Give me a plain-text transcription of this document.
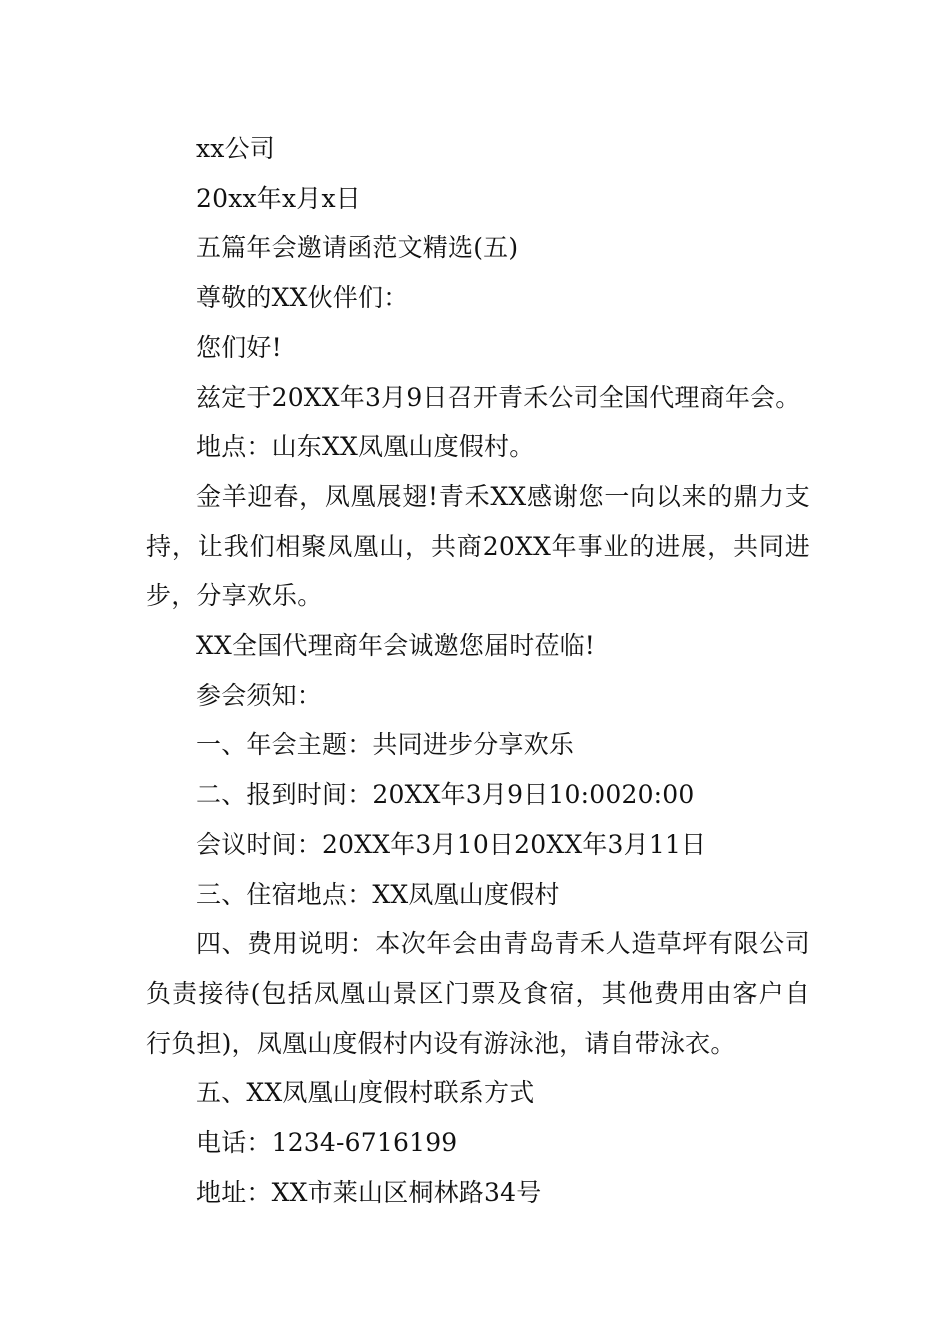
xx公司

20xx年x月x日

五篇年会邀请函范文精选(五)

尊敬的XX伙伴们：

您们好!

兹定于20XX年3月9日召开青禾公司全国代理商年会。

地点：山东XX凤凰山度假村。

金羊迎春，凤凰展翅!青禾XX感谢您一向以来的鼎力支持，让我们相聚凤凰山，共商20XX年事业的进展，共同进步，分享欢乐。

XX全国代理商年会诚邀您届时莅临!

参会须知：

一、年会主题：共同进步分享欢乐

二、报到时间：20XX年3月9日10:0020:00

会议时间：20XX年3月10日20XX年3月11日

三、住宿地点：XX凤凰山度假村

四、费用说明：本次年会由青岛青禾人造草坪有限公司负责接待(包括凤凰山景区门票及食宿，其他费用由客户自行负担)，凤凰山度假村内设有游泳池，请自带泳衣。

五、XX凤凰山度假村联系方式

电话：1234-6716199

地址：XX市莱山区桐林路34号
